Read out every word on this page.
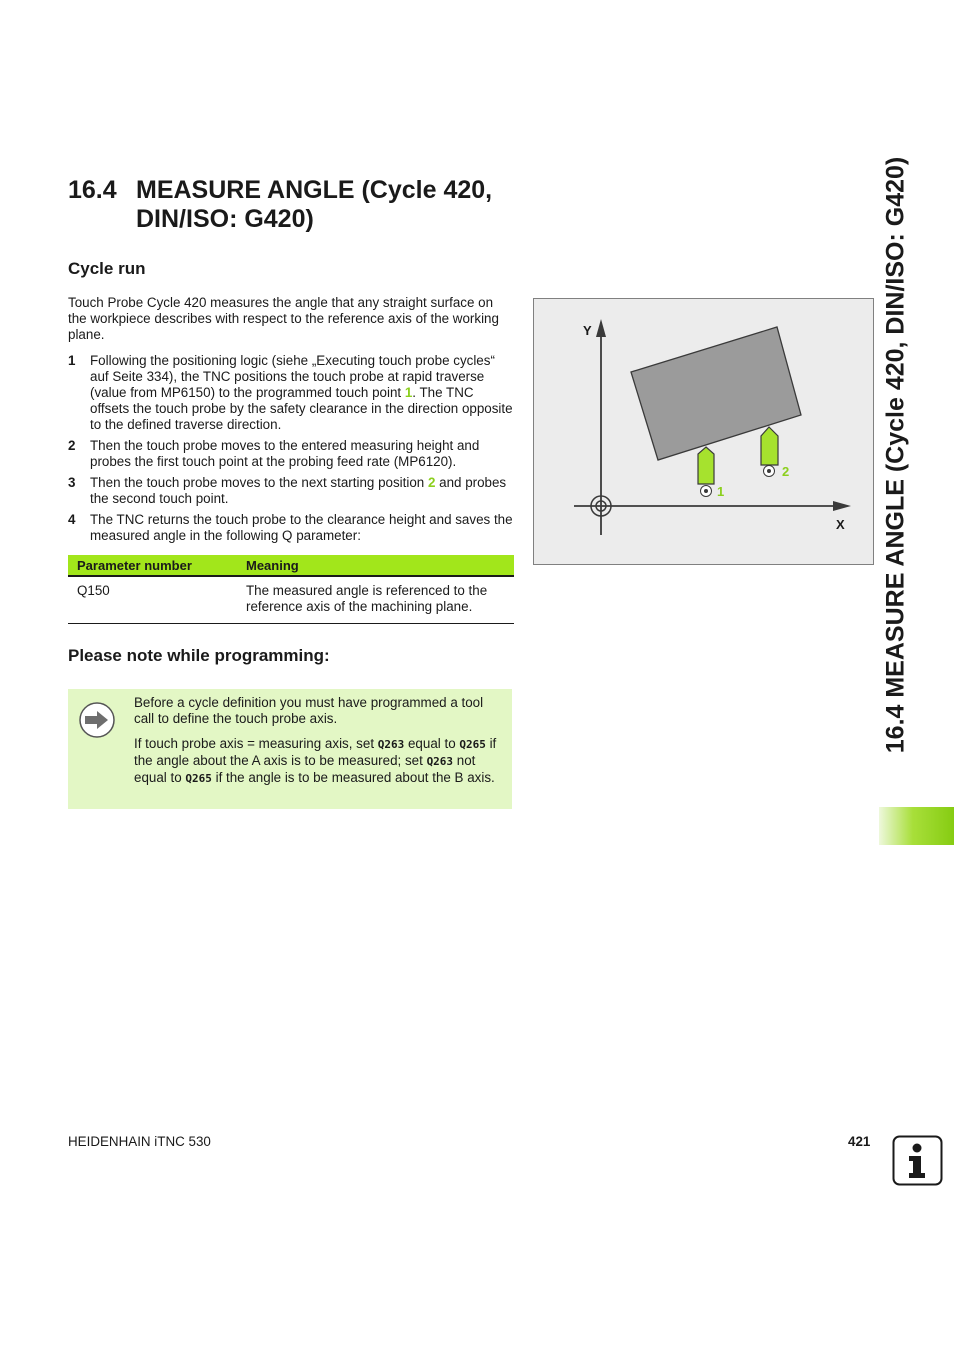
16.4 MEASURE ANGLE (Cycle 420,
DIN/ISO: G420)
Cycle run

Touch Probe Cycle 420 measures the angle that any straight surface on the workpiece describes with respect to the reference axis of the working plane.

1 Following the positioning logic (siehe „Executing touch probe cycles“ auf Seite 334), the TNC positions the touch probe at rapid traverse (value from MP6150) to the programmed touch point 1. The TNC offsets the touch probe by the safety clearance in the direction opposite to the defined traverse direction.
2 Then the touch probe moves to the entered measuring height and probes the first touch point at the probing feed rate (MP6120).
3 Then the touch probe moves to the next starting position 2 and probes the second touch point.
4 The TNC returns the touch probe to the clearance height and saves the measured angle in the following Q parameter:
Parameter number	Meaning
Q150	The measured angle is referenced to the reference axis of the machining plane.
Please note while programming:

Before a cycle definition you must have programmed a tool call to define the touch probe axis.

If touch probe axis = measuring axis, set Q263 equal to Q265 if the angle about the A axis is to be measured; set Q263 not equal to Q265 if the angle is to be measured about the B axis.

Y
X
1
2	16.4 MEASURE ANGLE (Cycle 420, DIN/ISO: G420)
HEIDENHAIN iTNC 530	421
